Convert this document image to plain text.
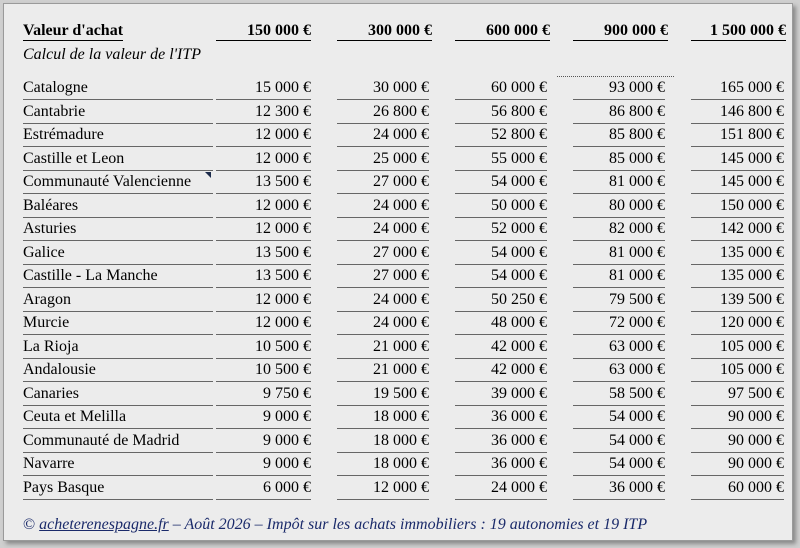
Valeur d'achat	150 000 €	300 000 €	600 000 €	900 000 €	1 500 000 €
Calcul de la valeur de l'ITP
Catalogne	15 000 €	30 000 €	60 000 €	93 000 €	165 000 €
Cantabrie	12 300 €	26 800 €	56 800 €	86 800 €	146 800 €
Estrémadure	12 000 €	24 000 €	52 800 €	85 800 €	151 800 €
Castille et Leon	12 000 €	25 000 €	55 000 €	85 000 €	145 000 €
Communauté Valencienne	13 500 €	27 000 €	54 000 €	81 000 €	145 000 €
Baléares	12 000 €	24 000 €	50 000 €	80 000 €	150 000 €
Asturies	12 000 €	24 000 €	52 000 €	82 000 €	142 000 €
Galice	13 500 €	27 000 €	54 000 €	81 000 €	135 000 €
Castille - La Manche	13 500 €	27 000 €	54 000 €	81 000 €	135 000 €
Aragon	12 000 €	24 000 €	50 250 €	79 500 €	139 500 €
Murcie	12 000 €	24 000 €	48 000 €	72 000 €	120 000 €
La Rioja	10 500 €	21 000 €	42 000 €	63 000 €	105 000 €
Andalousie	10 500 €	21 000 €	42 000 €	63 000 €	105 000 €
Canaries	9 750 €	19 500 €	39 000 €	58 500 €	97 500 €
Ceuta et Melilla	9 000 €	18 000 €	36 000 €	54 000 €	90 000 €
Communauté de Madrid	9 000 €	18 000 €	36 000 €	54 000 €	90 000 €
Navarre	9 000 €	18 000 €	36 000 €	54 000 €	90 000 €
Pays Basque	6 000 €	12 000 €	24 000 €	36 000 €	60 000 €
© acheterenespagne.fr – Août 2026 – Impôt sur les achats immobiliers : 19 autonomies et 19 ITP
